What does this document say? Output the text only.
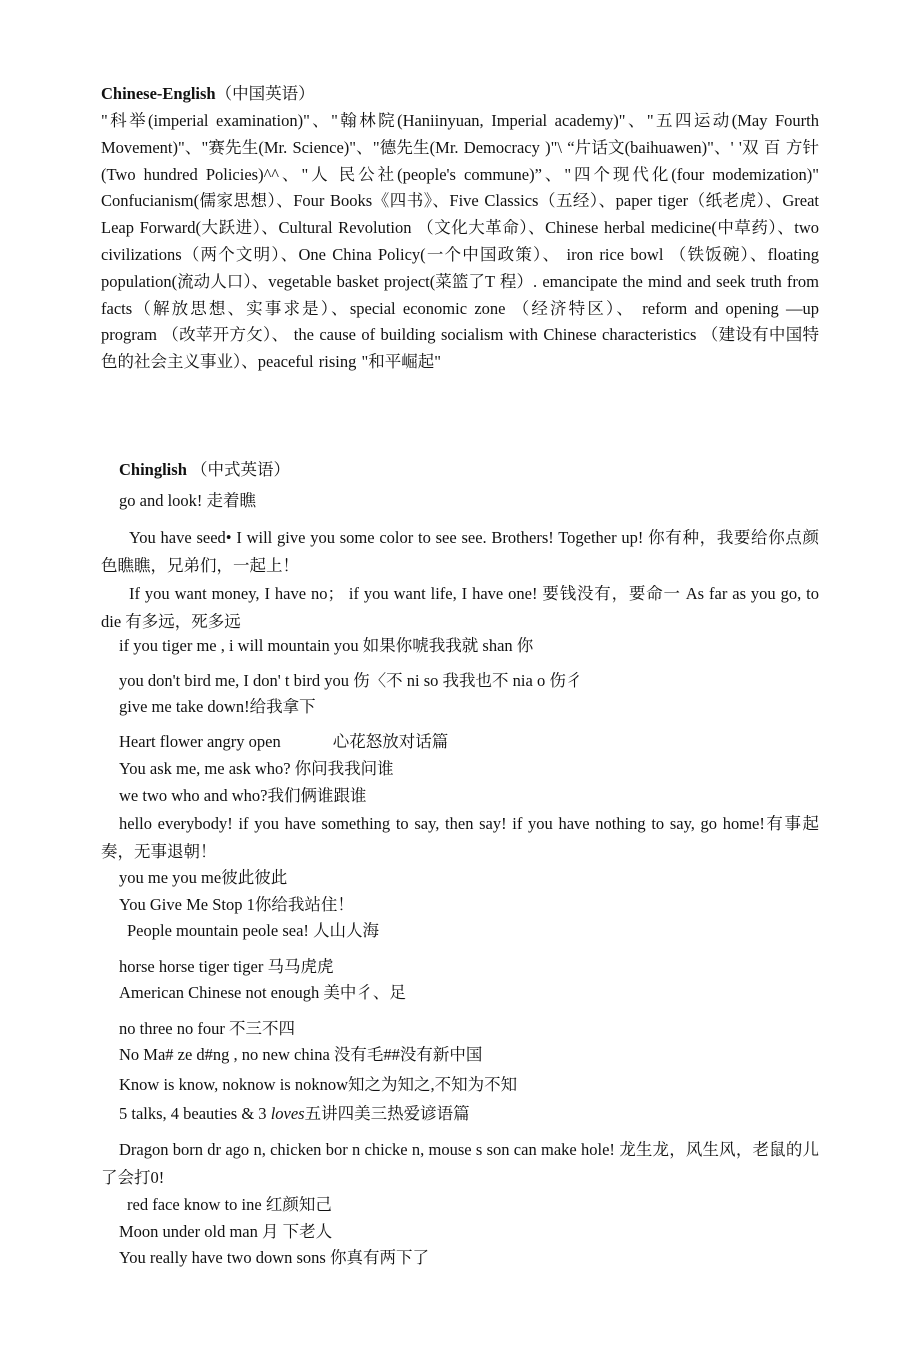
Chinese-English（中国英语）
"科举(imperial examination)"、"翰林院(Haniinyuan, Imperial academy)"、"五四运动(May Fourth Movement)"、"赛先生(Mr. Science)"、"德先生(Mr. Democracy )"\ “片话文(baihuawen)"、' '双 百 方针(Two hundred Policies)^^、"人 民公社(people's commune)”、"四个现代化(four modemization)" Confucianism(儒家思想）、Four Books《四书》、Five Classics（五经）、paper tiger（纸老虎）、Great Leap Forward(大跃进）、Cultural Revolution （文化大革命）、Chinese herbal medicine(中草药）、two civilizations（两个文明）、One China Policy(一个中国政策）、 iron rice bowl （铁饭碗）、floating population(流动人口）、vegetable basket project(菜篮了T 程）. emancipate the mind and seek truth from facts（解放思想、实事求是）、special economic zone （经济特区）、 reform and opening —up program （改苹开方攵）、 the cause of building socialism with Chinese characteristics （建设有中国特色的社会主义事业）、peaceful rising "和平崛起"
Chinglish （中式英语）
go and look! 走着瞧
You have seed• I will give you some color to see see. Brothers! Together up! 你有种，我要给你点颜色瞧瞧，兄弟们，一起上！
If you want money, I have no； if you want life, I have one! 要钱没有，要命一 As far as you go, to die 有多远，死多远
if you tiger me , i will mountain you 如果你唬我我就 shan 你
you don't bird me, I don' t bird you 伤〈不 ni so 我我也不 nia o 伤彳
give me take down!给我拿下
Heart flower angry open	心花怒放对话篇
You ask me, me ask who? 你问我我问谁
we two who and who?我们俩谁跟谁
hello everybody! if you have something to say, then say! if you have nothing to say, go home!有事起奏，无事退朝！
you me you me彼此彼此
You Give Me Stop 1你给我站住！
People mountain peole sea! 人山人海
horse horse tiger tiger 马马虎虎
American Chinese not enough 美中彳、足
no three no four 不三不四
No Ma# ze d#ng , no new china 没有毛##没有新中国
Know is know, noknow is noknow知之为知之,不知为不知
5 talks, 4 beauties & 3 loves五讲四美三热爱谚语篇
Dragon born dr ago n, chicken bor n chicke n, mouse s son can make hole! 龙生龙，风生风，老鼠的儿了会打0!
red face know to ine 红颜知己
Moon under old man 月 下老人
You really have two down sons 你真有两下了
